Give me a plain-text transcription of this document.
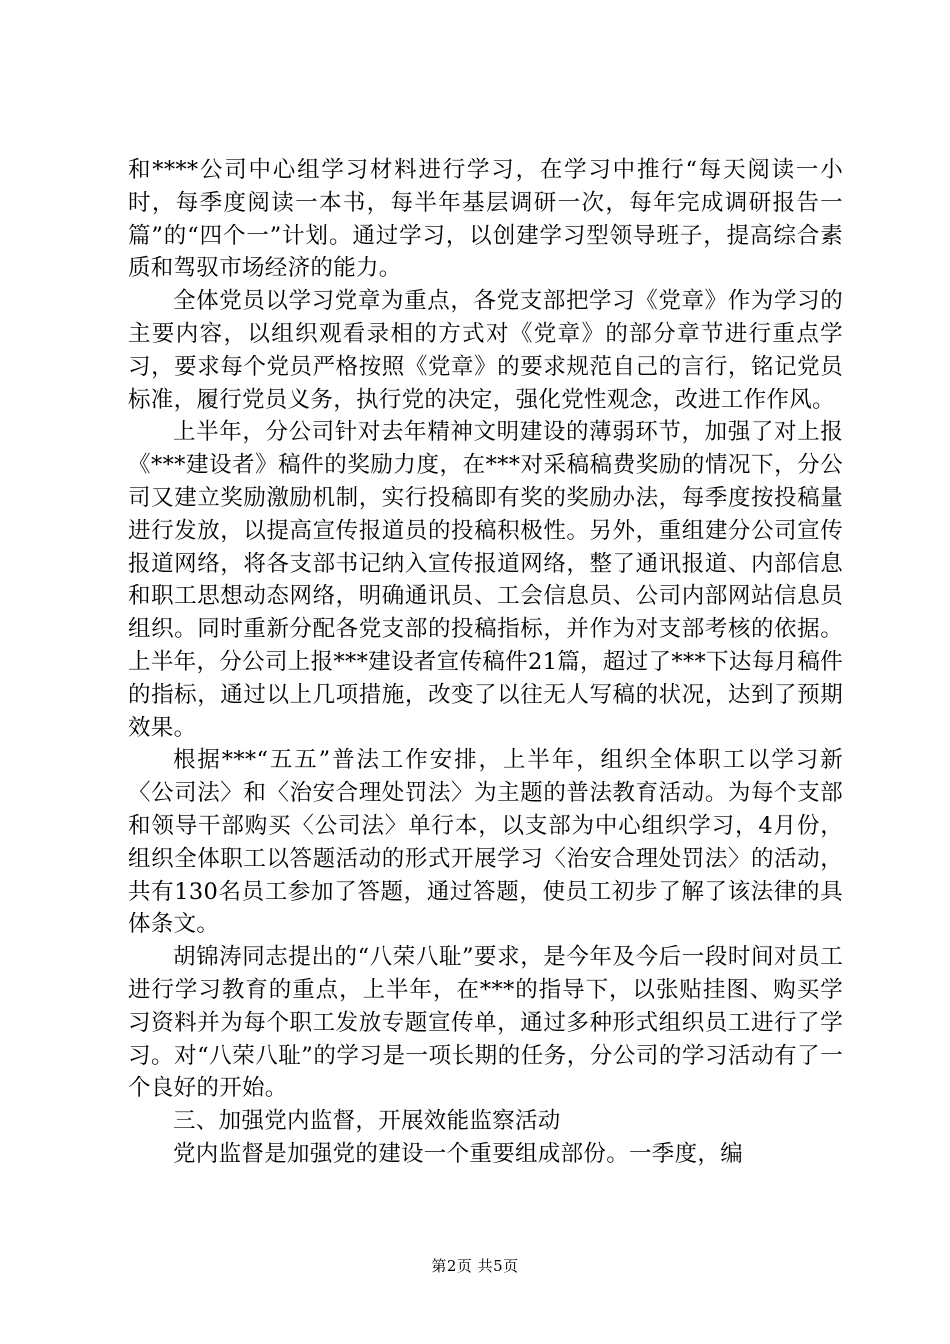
和****公司中心组学习材料进行学习，在学习中推行“每天阅读一小时，每季度阅读一本书，每半年基层调研一次，每年完成调研报告一篇”的“四个一”计划。通过学习，以创建学习型领导班子，提高综合素质和驾驭市场经济的能力。

全体党员以学习党章为重点，各党支部把学习《党章》作为学习的主要内容，以组织观看录相的方式对《党章》的部分章节进行重点学习，要求每个党员严格按照《党章》的要求规范自己的言行，铭记党员标准，履行党员义务，执行党的决定，强化党性观念，改进工作作风。

上半年，分公司针对去年精神文明建设的薄弱环节，加强了对上报《***建设者》稿件的奖励力度，在***对采稿稿费奖励的情况下，分公司又建立奖励激励机制，实行投稿即有奖的奖励办法，每季度按投稿量进行发放，以提高宣传报道员的投稿积极性。另外，重组建分公司宣传报道网络，将各支部书记纳入宣传报道网络，整了通讯报道、内部信息和职工思想动态网络，明确通讯员、工会信息员、公司内部网站信息员组织。同时重新分配各党支部的投稿指标，并作为对支部考核的依据。上半年，分公司上报***建设者宣传稿件21篇，超过了***下达每月稿件的指标，通过以上几项措施，改变了以往无人写稿的状况，达到了预期效果。

根据***“五五”普法工作安排，上半年，组织全体职工以学习新〈公司法〉和〈治安合理处罚法〉为主题的普法教育活动。为每个支部和领导干部购买〈公司法〉单行本，以支部为中心组织学习，4月份，组织全体职工以答题活动的形式开展学习〈治安合理处罚法〉的活动，共有130名员工参加了答题，通过答题，使员工初步了解了该法律的具体条文。

胡锦涛同志提出的“八荣八耻”要求，是今年及今后一段时间对员工进行学习教育的重点，上半年，在***的指导下，以张贴挂图、购买学习资料并为每个职工发放专题宣传单，通过多种形式组织员工进行了学习。对“八荣八耻”的学习是一项长期的任务，分公司的学习活动有了一个良好的开始。

三、加强党内监督，开展效能监察活动

党内监督是加强党的建设一个重要组成部份。一季度，编

第2页 共5页
